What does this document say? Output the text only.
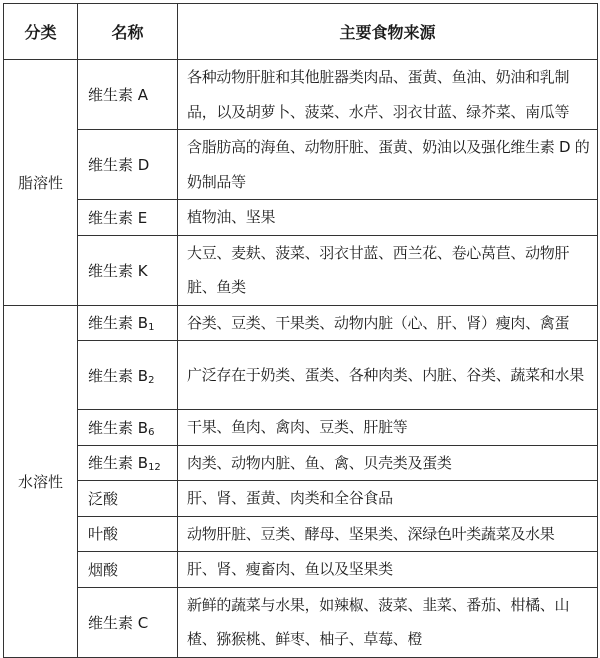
分类	名称	主要食物来源
脂溶性	维生素 A	各种动物肝脏和其他脏器类肉品、蛋黄、鱼油、奶油和乳制品，以及胡萝卜、菠菜、水芹、羽衣甘蓝、绿芥菜、南瓜等
	维生素 D	含脂肪高的海鱼、动物肝脏、蛋黄、奶油以及强化维生素 D 的奶制品等
	维生素 E	植物油、坚果
	维生素 K	大豆、麦麸、菠菜、羽衣甘蓝、西兰花、卷心莴苣、动物肝脏、鱼类
水溶性	维生素 $B_1$	谷类、豆类、干果类、动物内脏（心、肝、肾）瘦肉、禽蛋
	维生素 $B_2$	广泛存在于奶类、蛋类、各种肉类、内脏、谷类、蔬菜和水果
	维生素 $B_6$	干果、鱼肉、禽肉、豆类、肝脏等
	维生素 $B_{12}$	肉类、动物内脏、鱼、禽、贝壳类及蛋类
	泛酸	肝、肾、蛋黄、肉类和全谷食品
	叶酸	动物肝脏、豆类、酵母、坚果类、深绿色叶类蔬菜及水果
	烟酸	肝、肾、瘦畜肉、鱼以及坚果类
	维生素 C	新鲜的蔬菜与水果，如辣椒、菠菜、韭菜、番茄、柑橘、山楂、猕猴桃、鲜枣、柚子、草莓、橙
